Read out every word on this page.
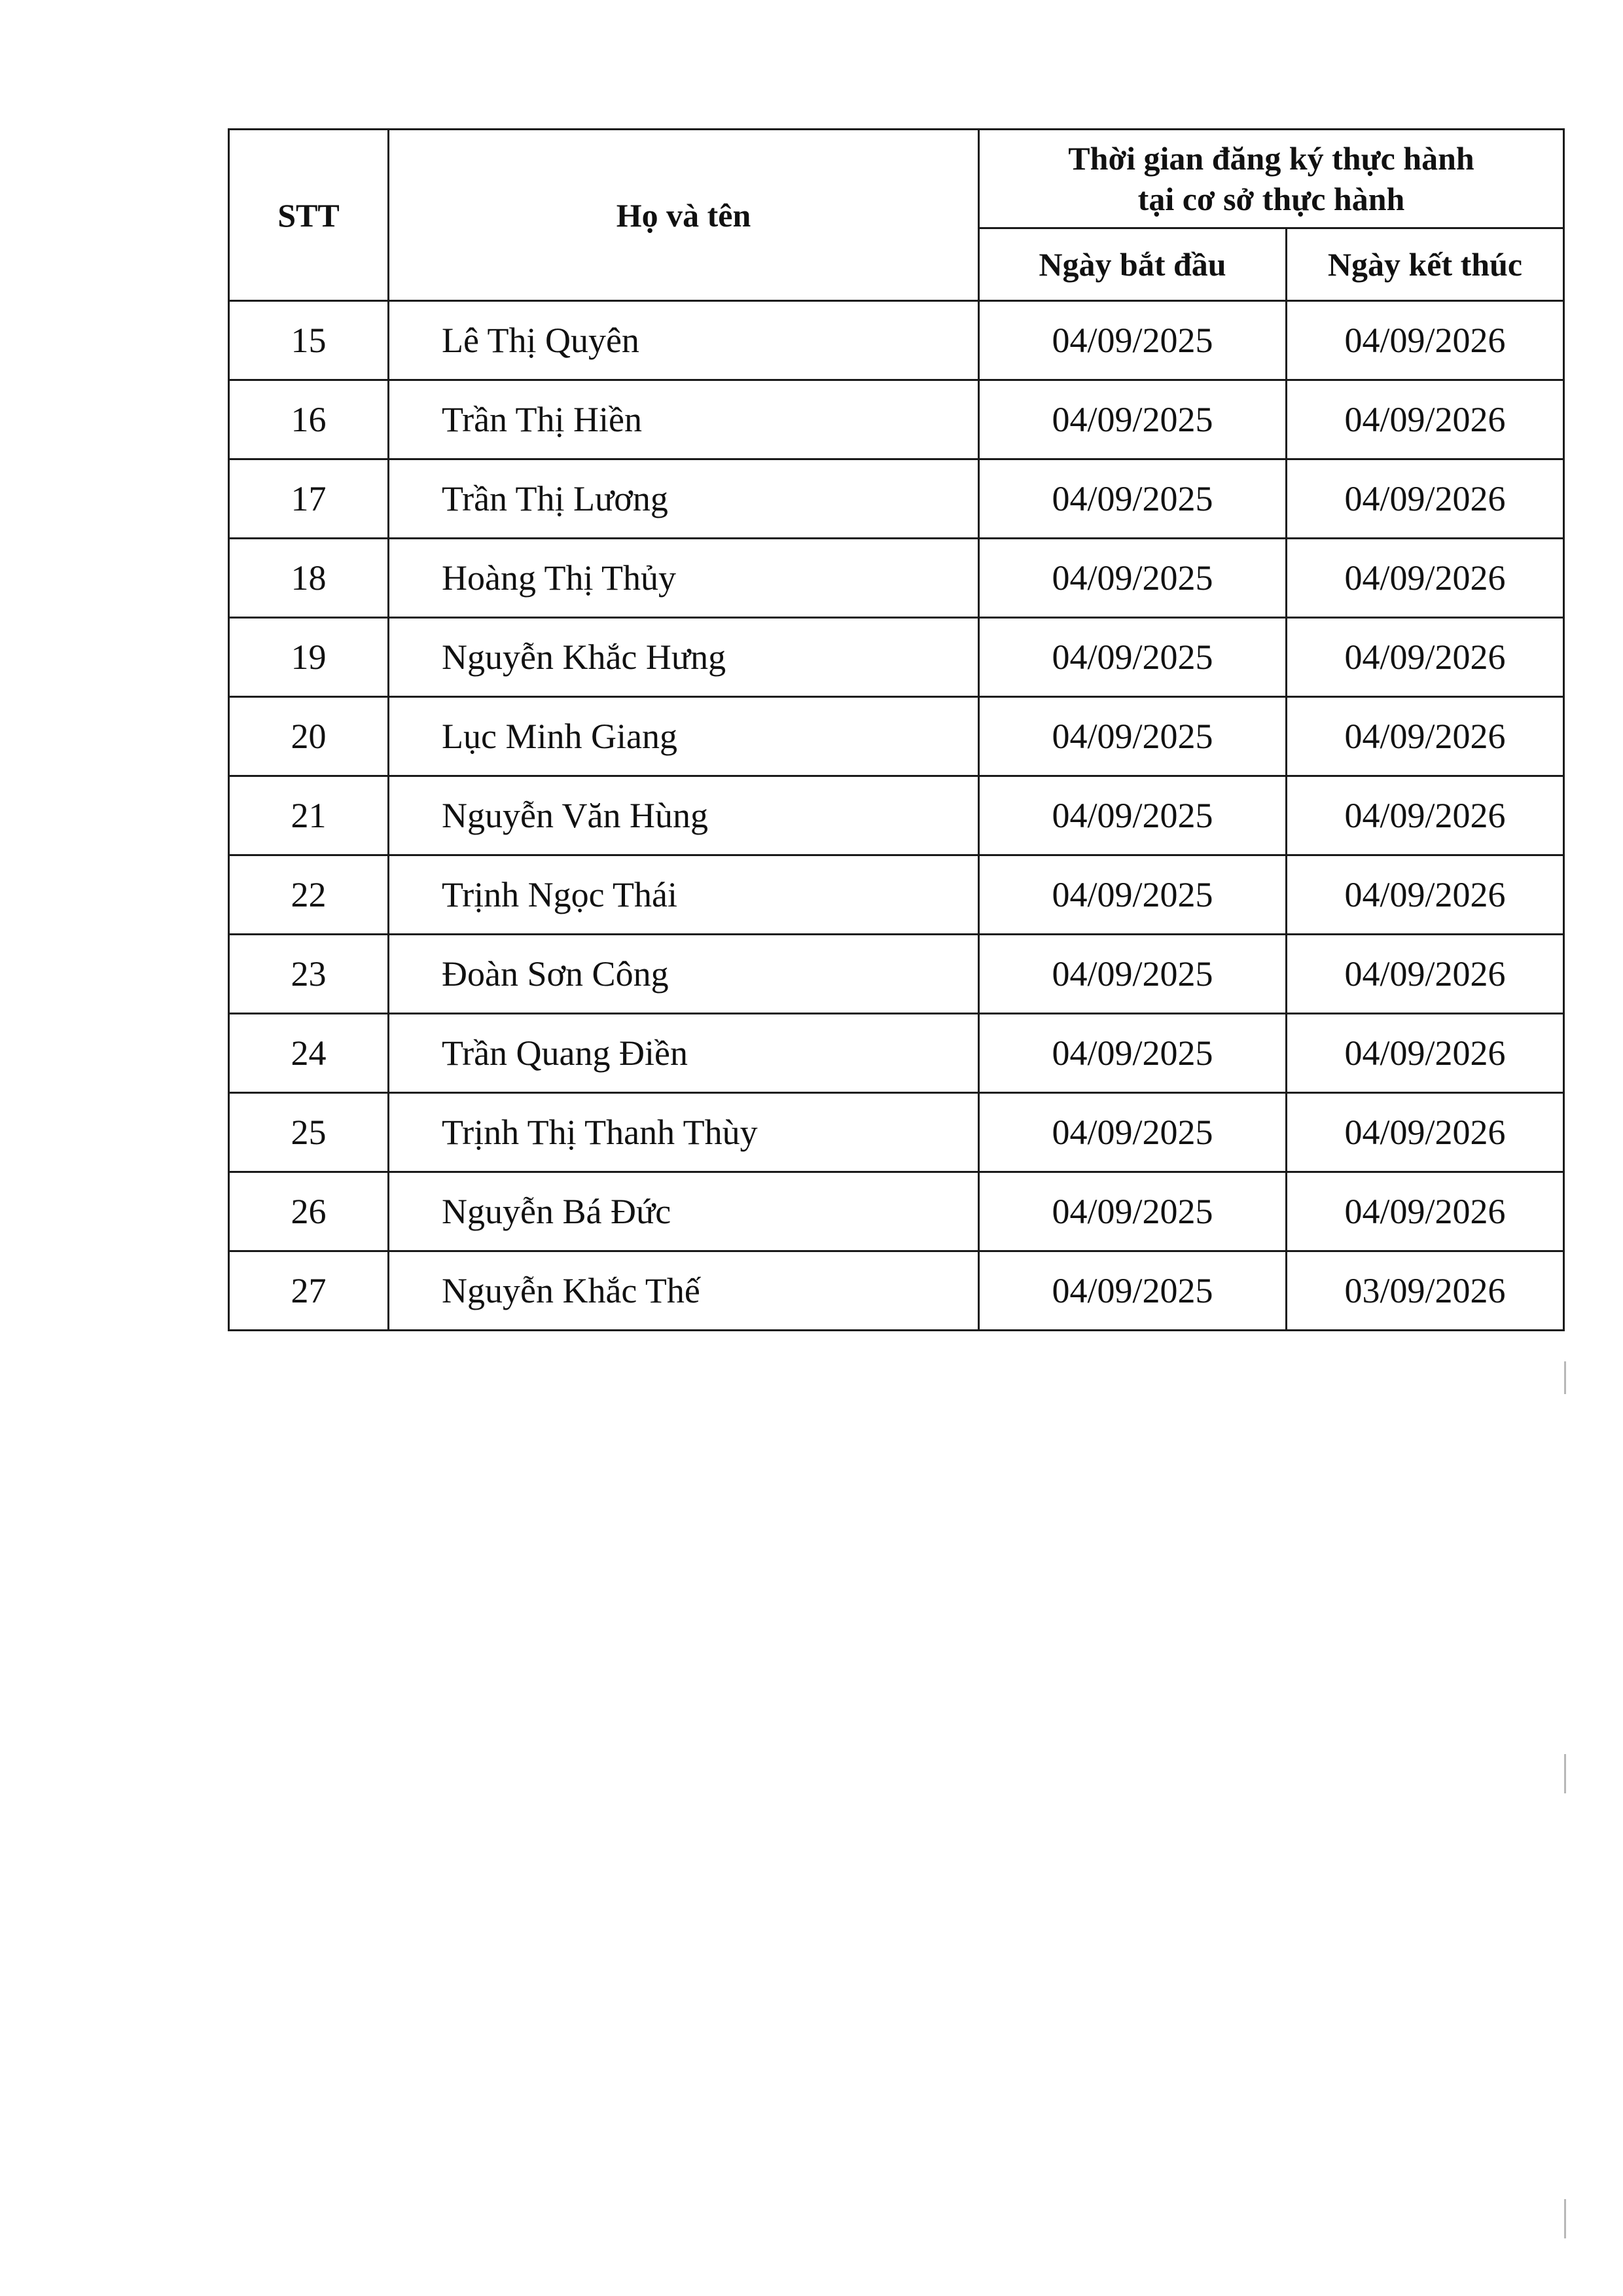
STT	Họ và tên	Thời gian đăng ký thực hành
tại cơ sở thực hành	

		Ngày bắt đầu	Ngày kết thúc
15	Lê Thị Quyên	04/09/2025	04/09/2026
16	Trần Thị Hiền	04/09/2025	04/09/2026
17	Trần Thị Lương	04/09/2025	04/09/2026
18	Hoàng Thị Thủy	04/09/2025	04/09/2026
19	Nguyễn Khắc Hưng	04/09/2025	04/09/2026
20	Lục Minh Giang	04/09/2025	04/09/2026
21	Nguyễn Văn Hùng	04/09/2025	04/09/2026
22	Trịnh Ngọc Thái	04/09/2025	04/09/2026
23	Đoàn Sơn Công	04/09/2025	04/09/2026
24	Trần Quang Điền	04/09/2025	04/09/2026
25	Trịnh Thị Thanh Thùy	04/09/2025	04/09/2026
26	Nguyễn Bá Đức	04/09/2025	04/09/2026
27	Nguyễn Khắc Thế	04/09/2025	03/09/2026
